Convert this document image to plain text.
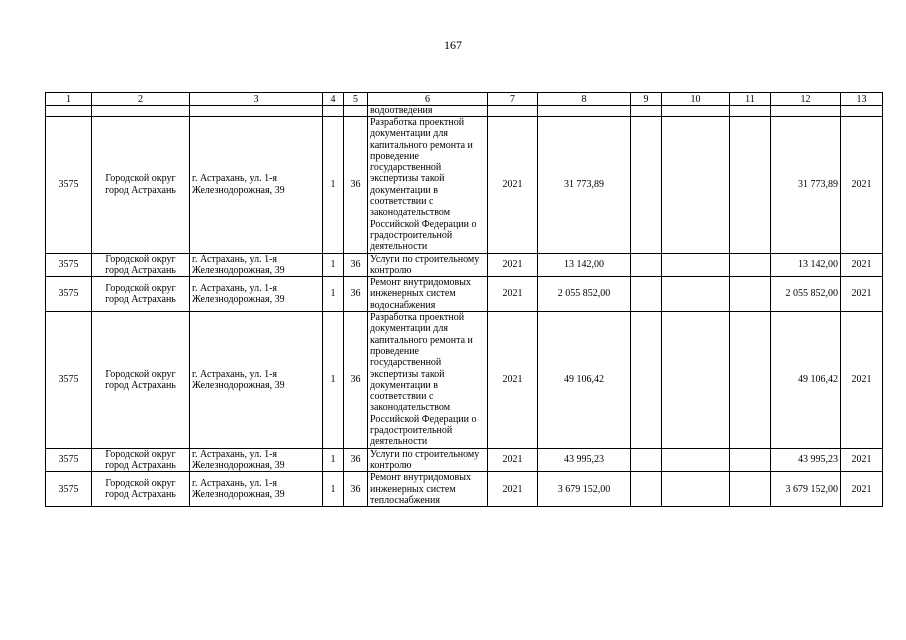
167
1	2	3	4	5	6	7	8	9	10	11	12	13
					водоотведения							
3575	Городской округ город Астрахань	г. Астрахань, ул. 1-я Железнодорожная, 39	1	36	Разработка проектной документации для капитального ремонта и проведение государственной экспертизы такой документации в соответствии с законодательством Российской Федерации о градостроительной деятельности	2021	31 773,89				31 773,89	2021
3575	Городской округ город Астрахань	г. Астрахань, ул. 1-я Железнодорожная, 39	1	36	Услуги по строительному контролю	2021	13 142,00				13 142,00	2021
3575	Городской округ город Астрахань	г. Астрахань, ул. 1-я Железнодорожная, 39	1	36	Ремонт внутридомовых инженерных систем водоснабжения	2021	2 055 852,00				2 055 852,00	2021
3575	Городской округ город Астрахань	г. Астрахань, ул. 1-я Железнодорожная, 39	1	36	Разработка проектной документации для капитального ремонта и проведение государственной экспертизы такой документации в соответствии с законодательством Российской Федерации о градостроительной деятельности	2021	49 106,42				49 106,42	2021
3575	Городской округ город Астрахань	г. Астрахань, ул. 1-я Железнодорожная, 39	1	36	Услуги по строительному контролю	2021	43 995,23				43 995,23	2021
3575	Городской округ город Астрахань	г. Астрахань, ул. 1-я Железнодорожная, 39	1	36	Ремонт внутридомовых инженерных систем теплоснабжения	2021	3 679 152,00				3 679 152,00	2021
